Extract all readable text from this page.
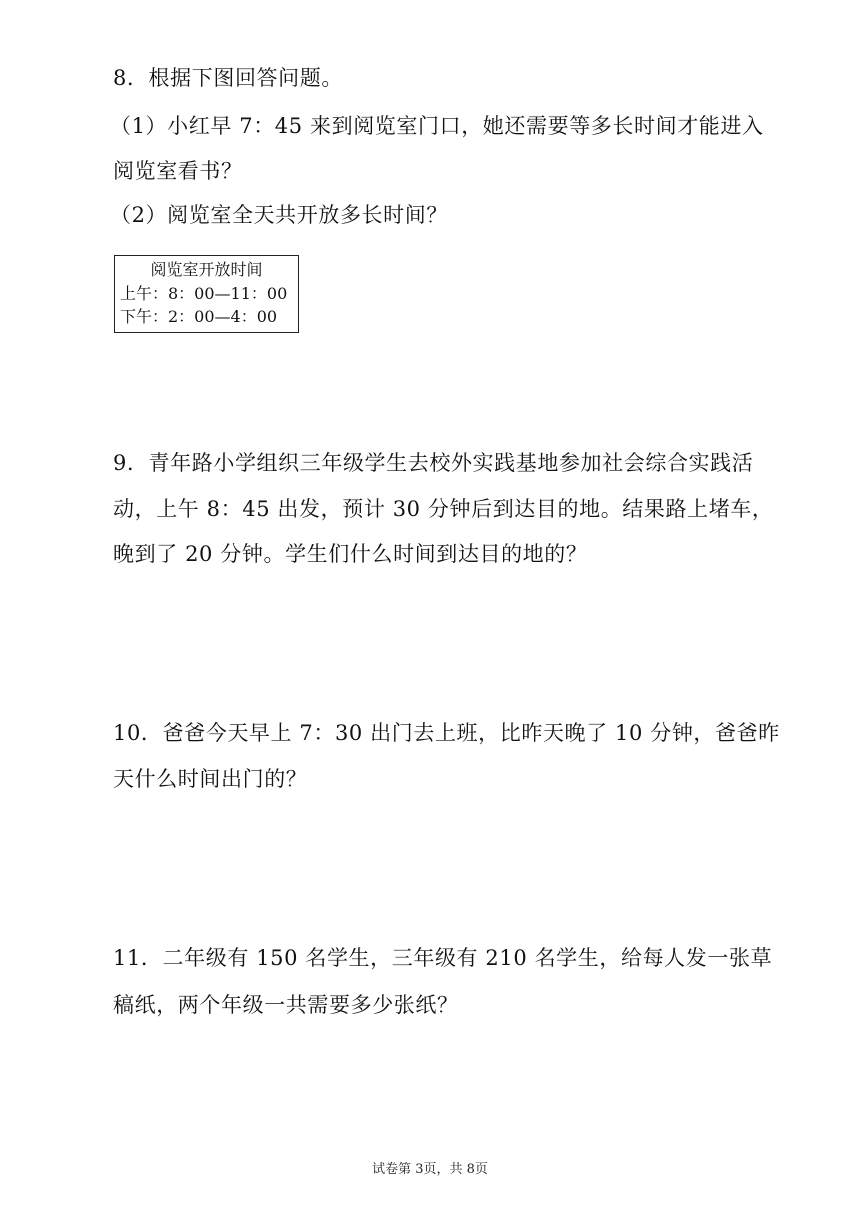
8．根据下图回答问题。
（1）小红早 7：45 来到阅览室门口，她还需要等多长时间才能进入
阅览室看书？
（2）阅览室全天共开放多长时间？
阅览室开放时间
上午：8：00—11：00
下午：2：00—4：00
9．青年路小学组织三年级学生去校外实践基地参加社会综合实践活
动，上午 8：45 出发，预计 30 分钟后到达目的地。结果路上堵车，
晚到了 20 分钟。学生们什么时间到达目的地的？
10．爸爸今天早上 7：30 出门去上班，比昨天晚了 10 分钟，爸爸昨
天什么时间出门的？
11．二年级有 150 名学生，三年级有 210 名学生，给每人发一张草
稿纸，两个年级一共需要多少张纸？
试卷第 3页，共 8页
